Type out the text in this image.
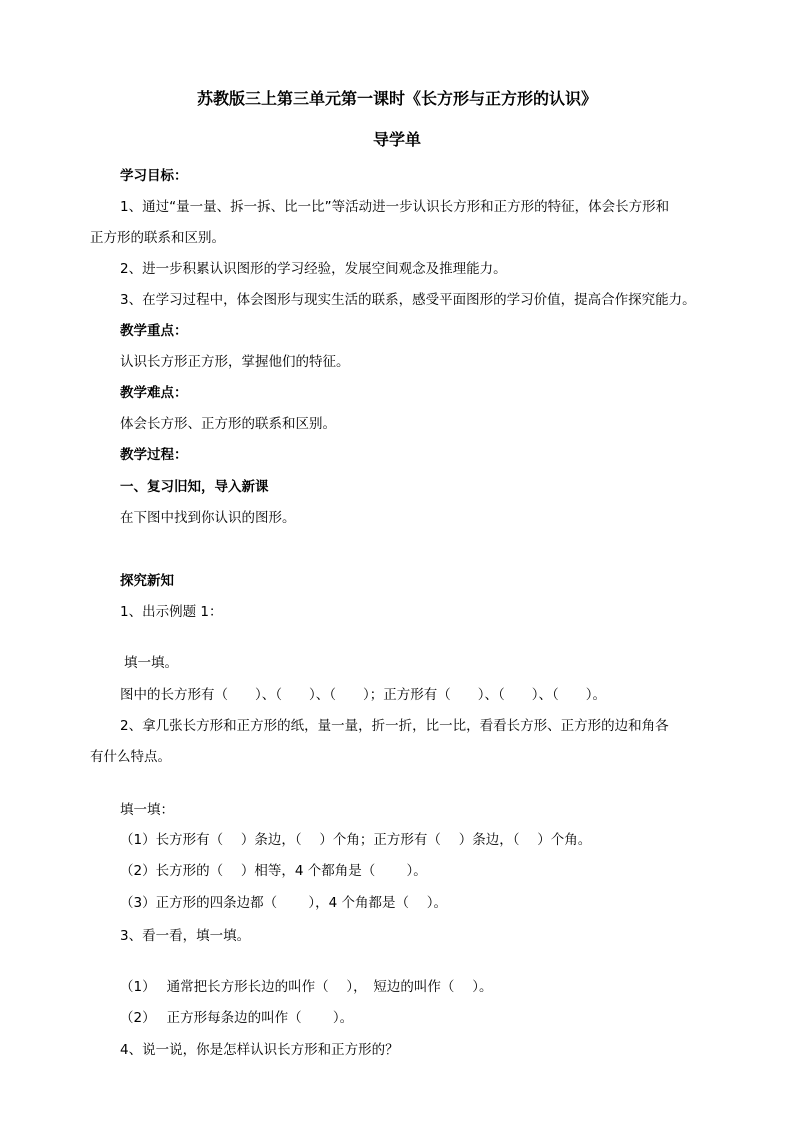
苏教版三上第三单元第一课时《长方形与正方形的认识》
导学单
学习目标：
1、通过“量一量、拆一拆、比一比”等活动进一步认识长方形和正方形的特征，体会长方形和
正方形的联系和区别。
2、进一步积累认识图形的学习经验，发展空间观念及推理能力。
3、在学习过程中，体会图形与现实生活的联系，感受平面图形的学习价值，提高合作探究能力。
教学重点：
认识长方形正方形，掌握他们的特征。
教学难点：
体会长方形、正方形的联系和区别。
教学过程：
一、复习旧知，导入新课
在下图中找到你认识的图形。
探究新知
1、出示例题 1：
填一填。
图中的长方形有（　　）、（　　）、（　　）；正方形有（　　）、（　　）、（　　）。
2、拿几张长方形和正方形的纸，量一量，折一折，比一比，看看长方形、正方形的边和角各
有什么特点。
填一填：
（1）长方形有（　 ）条边，（　 ）个角；正方形有（　 ）条边，（　 ）个角。
（2）长方形的（　 ）相等，4 个都角是（　　 ）。
（3）正方形的四条边都（　　 ），4 个角都是（　 ）。
3、看一看，填一填。
（1）　 通常把长方形长边的叫作（　 ），　短边的叫作（　 ）。
（2）　 正方形每条边的叫作（　　 ）。
4、说一说，你是怎样认识长方形和正方形的？
